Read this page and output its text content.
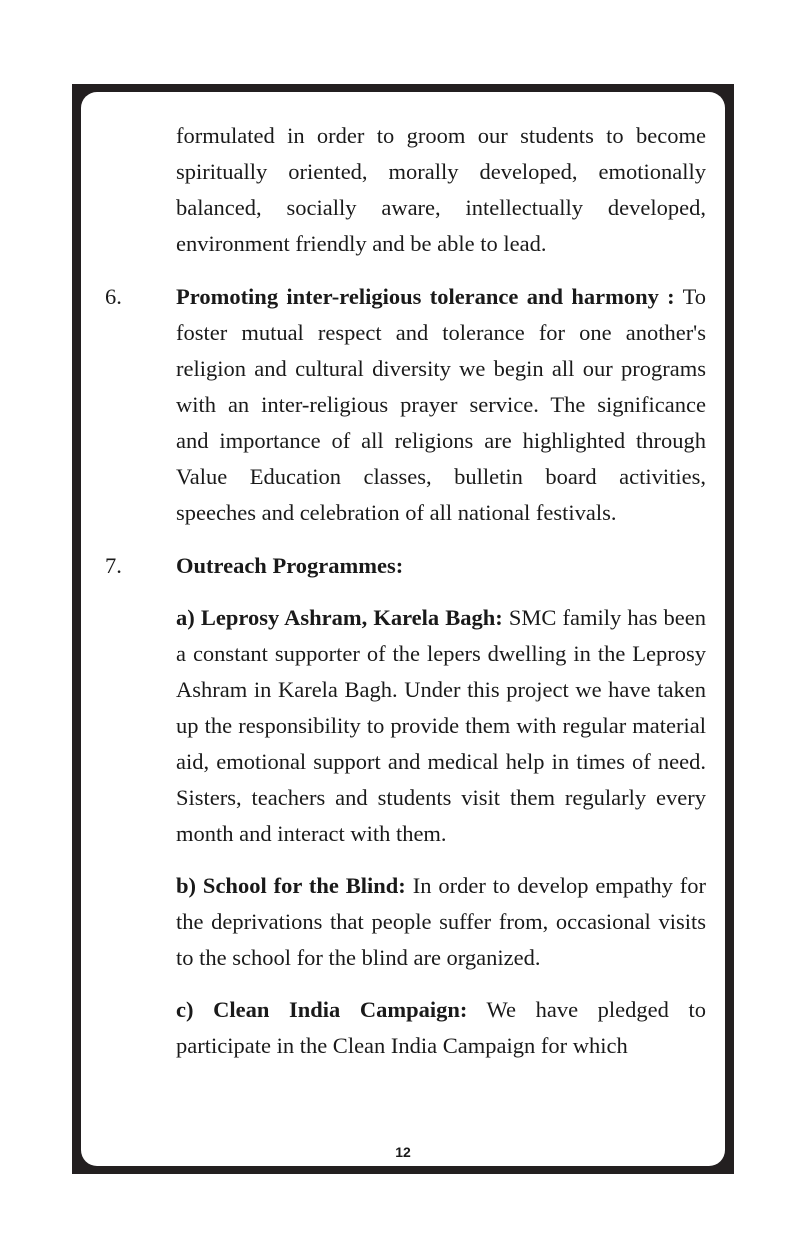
formulated in order to groom our students to become spiritually oriented, morally developed, emotionally balanced, socially aware, intellectually developed, environment friendly and be able to lead.

6. Promoting inter-religious tolerance and harmony : To foster mutual respect and tolerance for one another's religion and cultural diversity we begin all our programs with an inter-religious prayer service. The significance and importance of all religions are highlighted through Value Education classes, bulletin board activities, speeches and celebration of all national festivals.
7. Outreach Programmes:
a) Leprosy Ashram, Karela Bagh: SMC family has been a constant supporter of the lepers dwelling in the Leprosy Ashram in Karela Bagh. Under this project we have taken up the responsibility to provide them with regular material aid, emotional support and medical help in times of need. Sisters, teachers and students visit them regularly every month and interact with them.
b) School for the Blind: In order to develop empathy for the deprivations that people suffer from, occasional visits to the school for the blind are organized.
c) Clean India Campaign: We have pledged to participate in the Clean India Campaign for which
12
